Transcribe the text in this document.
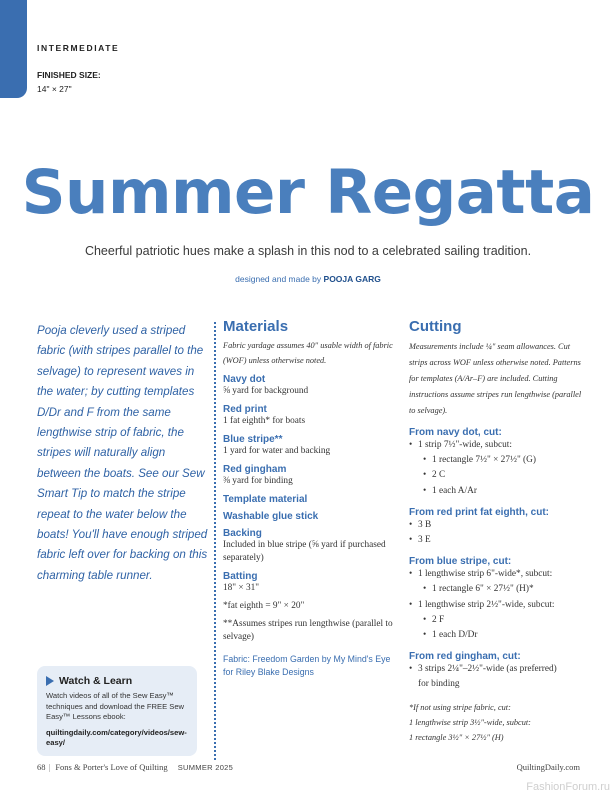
INTERMEDIATE
FINISHED SIZE:
14" × 27"
Summer Regatta
Cheerful patriotic hues make a splash in this nod to a celebrated sailing tradition.
designed and made by POOJA GARG
Pooja cleverly used a striped fabric (with stripes parallel to the selvage) to represent waves in the water; by cutting templates D/Dr and F from the same lengthwise strip of fabric, the stripes will naturally align between the boats. See our Sew Smart Tip to match the stripe repeat to the water below the boats! You'll have enough striped fabric left over for backing on this charming table runner.
Watch & Learn
Watch videos of all of the Sew Easy™ techniques and download the FREE Sew Easy™ Lessons ebook:
quiltingdaily.com/category/videos/sew-easy/
Materials
Fabric yardage assumes 40" usable width of fabric (WOF) unless otherwise noted.
Navy dot
⅝ yard for background
Red print
1 fat eighth* for boats
Blue stripe**
1 yard for water and backing
Red gingham
⅜ yard for binding
Template material
Washable glue stick
Backing
Included in blue stripe (⅝ yard if purchased separately)
Batting
18" × 31"
*fat eighth = 9" × 20"
**Assumes stripes run lengthwise (parallel to selvage)
Fabric: Freedom Garden by My Mind's Eye for Riley Blake Designs
Cutting
Measurements include ¼" seam allowances. Cut strips across WOF unless otherwise noted. Patterns for templates (A/Ar–F) are included. Cutting instructions assume stripes run lengthwise (parallel to selvage).
From navy dot, cut:
• 1 strip 7½"-wide, subcut:
• 1 rectangle 7½" × 27½" (G)
• 2 C
• 1 each A/Ar
From red print fat eighth, cut:
• 3 B
• 3 E
From blue stripe, cut:
• 1 lengthwise strip 6"-wide*, subcut:
• 1 rectangle 6" × 27½" (H)*
• 1 lengthwise strip 2½"-wide, subcut:
• 2 F
• 1 each D/Dr
From red gingham, cut:
• 3 strips 2¼"–2½"-wide (as preferred)
for binding
*If not using stripe fabric, cut:
1 lengthwise strip 3½"-wide, subcut:
1 rectangle 3½" × 27½" (H)
68 | Fons & Porter's Love of Quilting SUMMER 2025	QuiltingDaily.com
FashionForum.ru
